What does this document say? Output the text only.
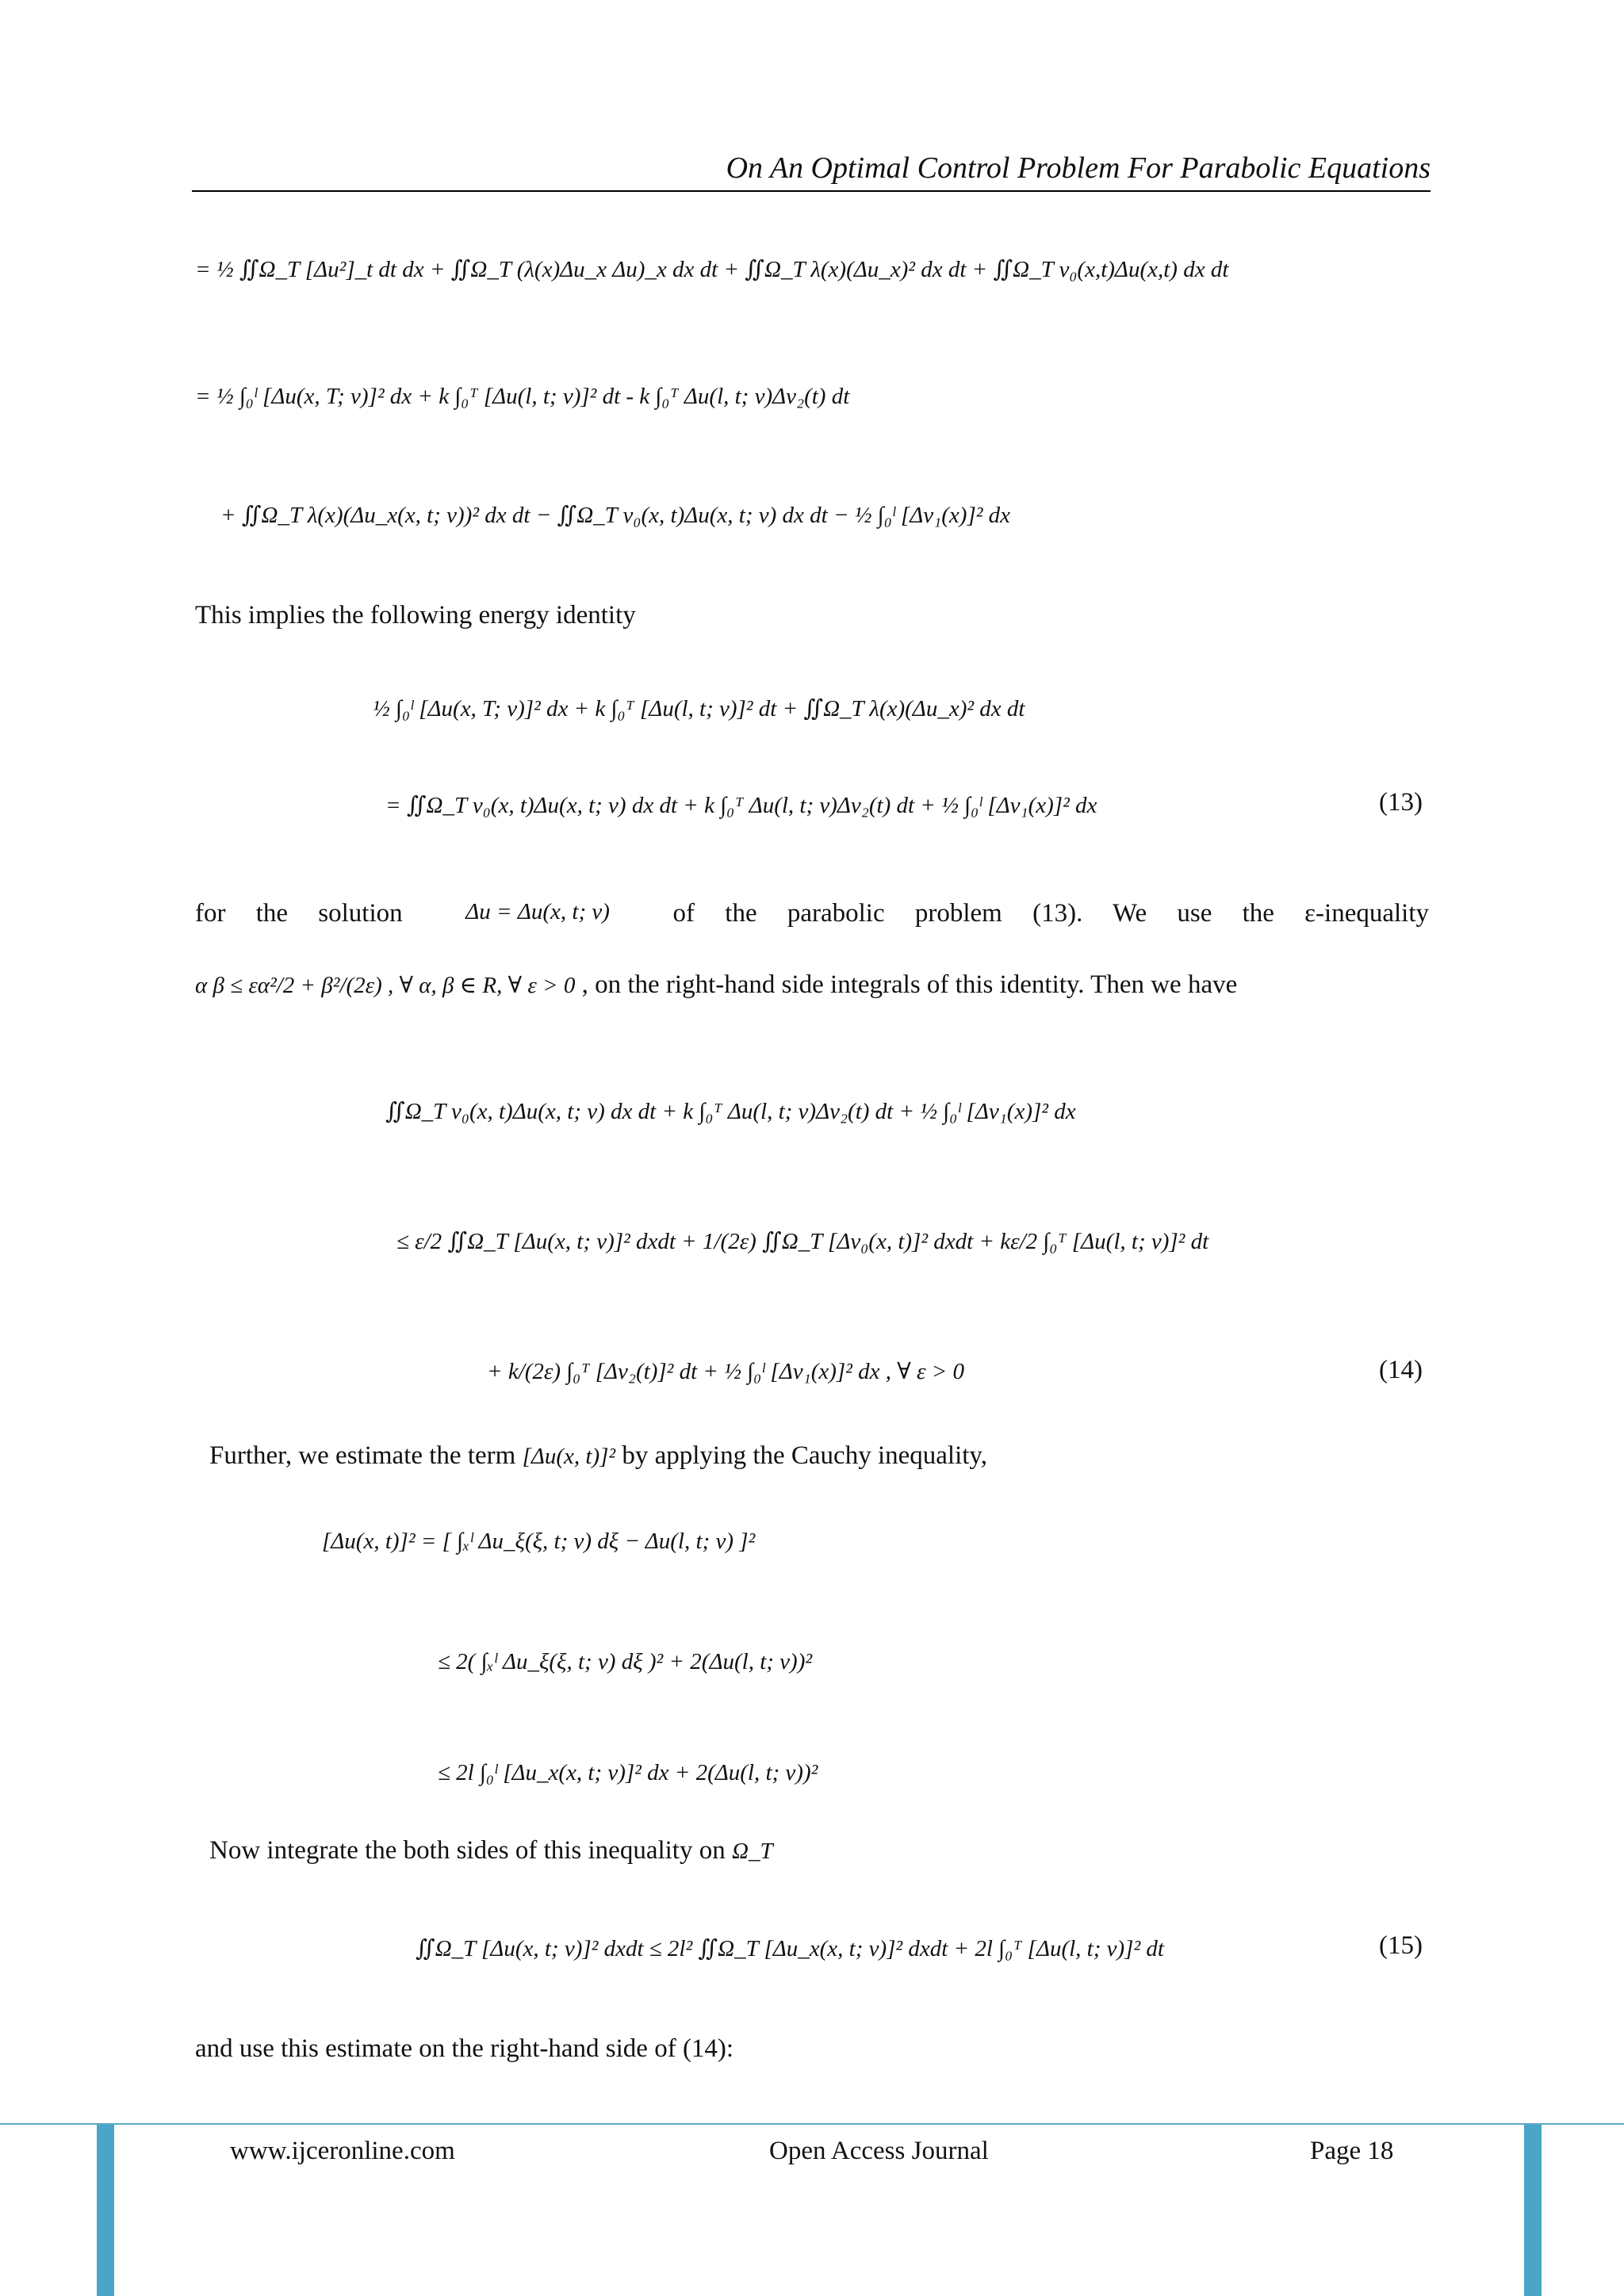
On An Optimal Control Problem For Parabolic Equations
= ½ ∬Ω_T [Δu²]_t dt dx + ∬Ω_T (λ(x)Δu_x Δu)_x dx dt + ∬Ω_T λ(x)(Δu_x)² dx dt + ∬Ω_T v₀(x,t)Δu(x,t) dx dt
= ½ ∫₀ˡ [Δu(x, T; v)]² dx + k ∫₀ᵀ [Δu(l, t; v)]² dt - k ∫₀ᵀ Δu(l, t; v)Δv₂(t) dt
+ ∬Ω_T λ(x)(Δu_x(x, t; v))² dx dt − ∬Ω_T v₀(x, t)Δu(x, t; v) dx dt − ½ ∫₀ˡ [Δv₁(x)]² dx
This implies the following energy identity
½ ∫₀ˡ [Δu(x, T; v)]² dx + k ∫₀ᵀ [Δu(l, t; v)]² dt + ∬Ω_T λ(x)(Δu_x)² dx dt
= ∬Ω_T v₀(x, t)Δu(x, t; v) dx dt + k ∫₀ᵀ Δu(l, t; v)Δv₂(t) dt + ½ ∫₀ˡ [Δv₁(x)]² dx	(13)
for the solution	Δu = Δu(x, t; v) of the parabolic problem (13). We use the ε-inequality
α β ≤ εα²/2 + β²/(2ε) , ∀ α, β ∈ R, ∀ ε > 0 , on the right-hand side integrals of this identity. Then we have
∬Ω_T v₀(x, t)Δu(x, t; v) dx dt + k ∫₀ᵀ Δu(l, t; v)Δv₂(t) dt + ½ ∫₀ˡ [Δv₁(x)]² dx
≤ ε/2 ∬Ω_T [Δu(x, t; v)]² dxdt + 1/(2ε) ∬Ω_T [Δv₀(x, t)]² dxdt + kε/2 ∫₀ᵀ [Δu(l, t; v)]² dt
+ k/(2ε) ∫₀ᵀ [Δv₂(t)]² dt + ½ ∫₀ˡ [Δv₁(x)]² dx , ∀ ε > 0	(14)
Further, we estimate the term [Δu(x, t)]² by applying the Cauchy inequality,
[Δu(x, t)]² = [ ∫ₓˡ Δu_ξ(ξ, t; v) dξ − Δu(l, t; v) ]²
≤ 2( ∫ₓˡ Δu_ξ(ξ, t; v) dξ )² + 2(Δu(l, t; v))²
≤ 2l ∫₀ˡ [Δu_x(x, t; v)]² dx + 2(Δu(l, t; v))²
Now integrate the both sides of this inequality on Ω_T
∬Ω_T [Δu(x, t; v)]² dxdt ≤ 2l² ∬Ω_T [Δu_x(x, t; v)]² dxdt + 2l ∫₀ᵀ [Δu(l, t; v)]² dt	(15)
and use this estimate on the right-hand side of (14):
www.ijceronline.com	Open Access Journal	Page 18
